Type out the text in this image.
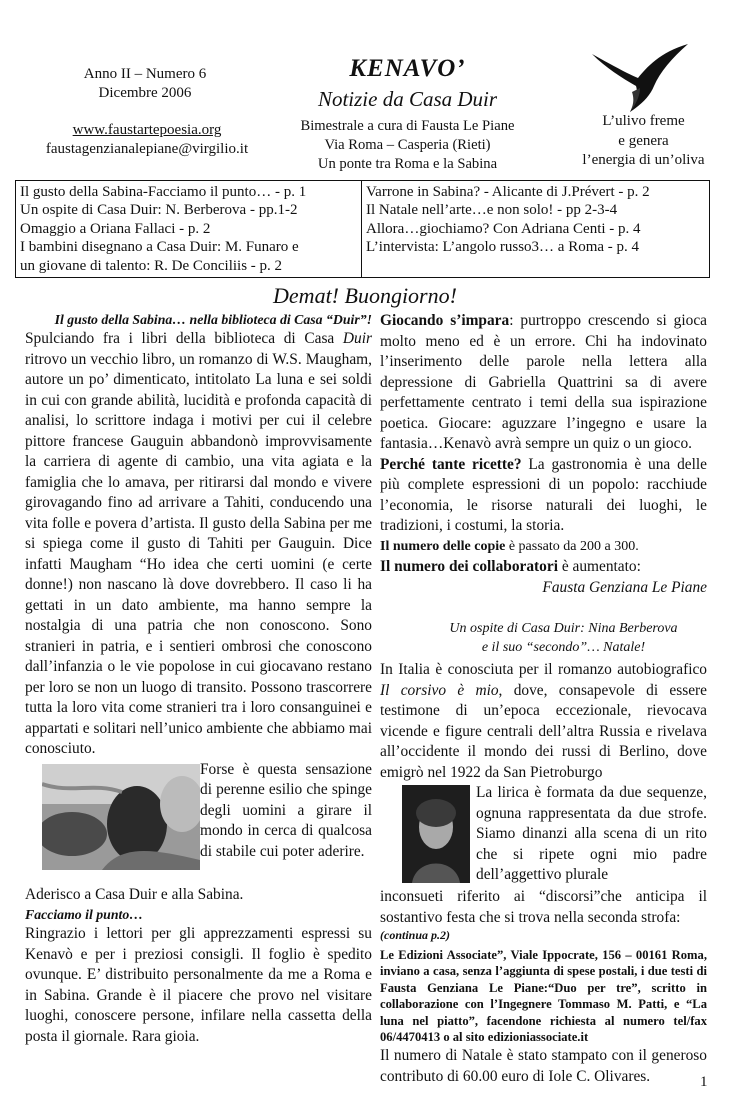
Anno II – Numero 6
Dicembre 2006
www.faustartepoesia.org
faustagenzianalepiane@virgilio.it
KENAVO’
Notizie da Casa Duir
Bimestrale a cura di Fausta Le Piane
Via Roma – Casperia (Rieti)
Un ponte tra Roma e la Sabina
L’ulivo freme
e genera
l’energia di un’oliva
Il gusto della Sabina-Facciamo il punto… - p. 1
Un ospite di Casa Duir: N. Berberova - pp.1-2
Omaggio a Oriana Fallaci - p. 2
I bambini disegnano a Casa Duir: M. Funaro e
un giovane di talento: R. De Conciliis - p. 2
Varrone in Sabina? - Alicante di J.Prévert - p. 2
Il Natale nell’arte…e non solo! - pp 2-3-4
Allora…giochiamo? Con Adriana Centi - p. 4
L’intervista: L’angolo russo3… a Roma - p. 4
Demat! Buongiorno!
Il gusto della Sabina… nella biblioteca di Casa “Duir”!

Spulciando fra i libri della biblioteca di Casa Duir ritrovo un vecchio libro, un romanzo di W.S. Maugham, autore un po’ dimenticato, intitolato La luna e sei soldi in cui con grande abilità, lucidità e profonda capacità di analisi, lo scrittore indaga i motivi per cui il celebre pittore francese Gauguin abbandonò improvvisamente la carriera di agente di cambio, una vita agiata e la famiglia che lo amava, per ritirarsi dal mondo e vivere girovagando fino ad arrivare a Tahiti, conducendo una vita folle e povera d’artista. Il gusto della Sabina per me si spiega come il gusto di Tahiti per Gauguin. Dice infatti Maugham “Ho idea che certi uomini (e certe donne!) non nascano là dove dovrebbero. Il caso li ha gettati in un dato ambiente, ma hanno sempre la nostalgia di una patria che non conoscono. Sono stranieri in patria, e i sentieri ombrosi che conoscono dall’infanzia o le vie popolose in cui giocavano restano per loro se non un luogo di transito. Possono trascorrere tutta la loro vita come stranieri tra i loro consanguinei e appartati e solitari nell’unico ambiente che abbiamo mai conosciuto.

Forse è questa sensazione di perenne esilio che spinge degli uomini a girare il mondo in cerca di qualcosa di stabile cui poter aderire.

Aderisco a Casa Duir e alla Sabina.

Facciamo il punto…

Ringrazio i lettori per gli apprezzamenti espressi su Kenavò e per i preziosi consigli. Il foglio è spedito ovunque. E’ distribuito personalmente da me a Roma e in Sabina. Grande è il piacere che provo nel visitare luoghi, conoscere persone, infilare nella cassetta della posta il giornale. Rara gioia.

Giocando s’impara: purtroppo crescendo si gioca molto meno ed è un errore. Chi ha indovinato l’inserimento delle parole nella lettera alla depressione di Gabriella Quattrini sa di avere perfettamente centrato i temi della sua ispirazione poetica. Giocare: aguzzare l’ingegno e usare la fantasia…Kenavò avrà sempre un quiz o un gioco.

Perché tante ricette? La gastronomia è una delle più complete espressioni di un popolo: racchiude l’economia, le risorse naturali dei luoghi, le tradizioni, i costumi, la storia.

Il numero delle copie è passato da 200 a 300.

Il numero dei collaboratori è aumentato:

Fausta Genziana Le Piane
Un ospite di Casa Duir: Nina Berberova
e il suo “secondo”… Natale!

In Italia è conosciuta per il romanzo autobiografico Il corsivo è mio, dove, consapevole di essere testimone di un’epoca eccezionale, rievocava vicende e figure centrali dell’altra Russia e rivelava all’occidente il mondo dei russi di Berlino, dove emigrò nel 1922 da San Pietroburgo

La lirica è formata da due sequenze, ognuna rappresentata da due strofe. Siamo dinanzi alla scena di un rito che si ripete ogni mio padre dell’aggettivo plurale

inconsueti riferito ai “discorsi”che anticipa il sostantivo festa che si trova nella seconda strofa:

(continua p.2)
Le Edizioni Associate”, Viale Ippocrate, 156 – 00161 Roma, inviano a casa, senza l’aggiunta di spese postali, i due testi di Fausta Genziana Le Piane:“Duo per tre”, scritto in collaborazione con l’Ingegnere Tommaso M. Patti, e “La luna nel piatto”, facendone richiesta al numero tel/fax 06/4470413 o al sito edizioniassociate.it

Il numero di Natale è stato stampato con il generoso contributo di 60.00 euro di Iole C. Olivares.	1
